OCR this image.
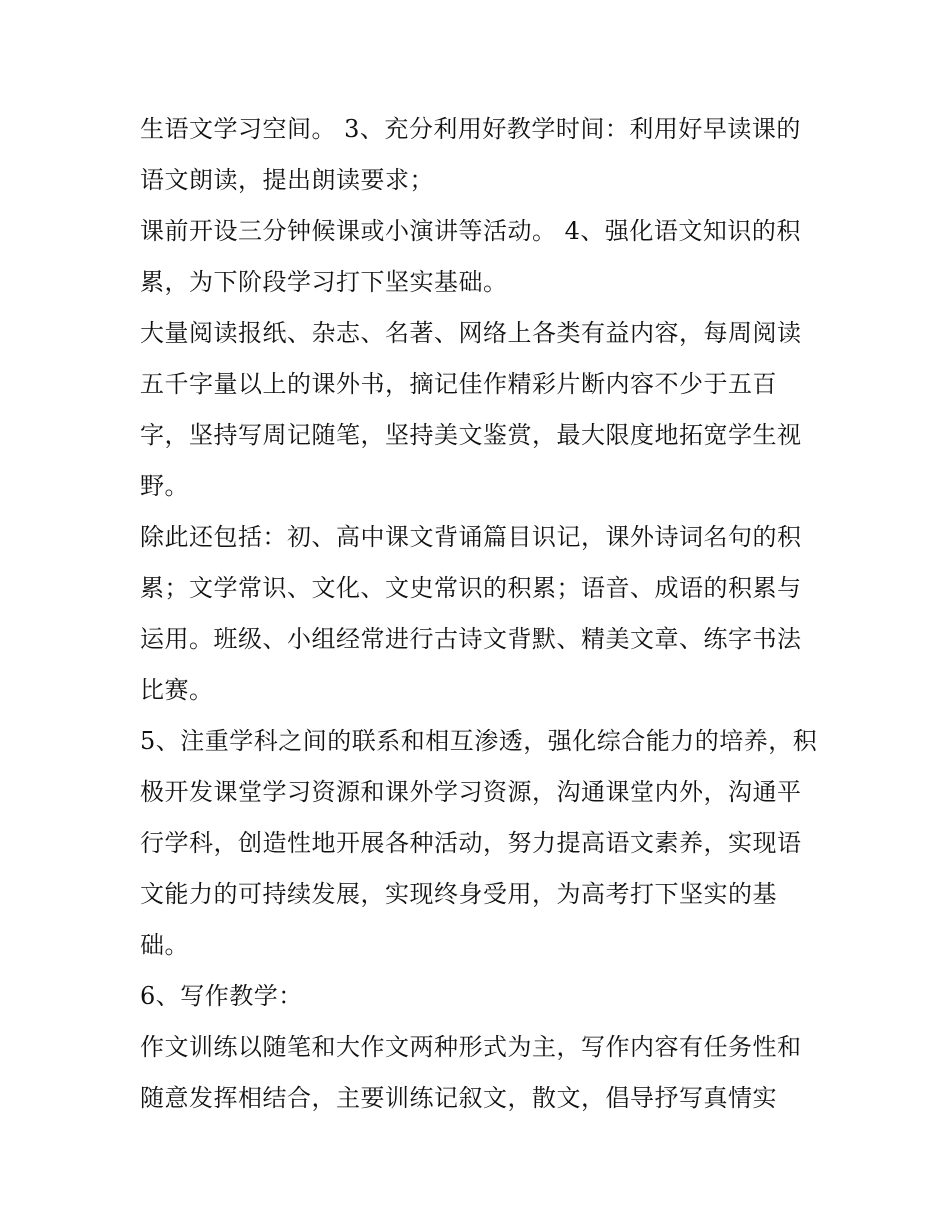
生语文学习空间。 3、充分利用好教学时间：利用好早读课的语文朗读，提出朗读要求；

课前开设三分钟候课或小演讲等活动。 4、强化语文知识的积累，为下阶段学习打下坚实基础。

大量阅读报纸、杂志、名著、网络上各类有益内容，每周阅读五千字量以上的课外书，摘记佳作精彩片断内容不少于五百字，坚持写周记随笔，坚持美文鉴赏，最大限度地拓宽学生视野。

除此还包括：初、高中课文背诵篇目识记，课外诗词名句的积累；文学常识、文化、文史常识的积累；语音、成语的积累与运用。班级、小组经常进行古诗文背默、精美文章、练字书法比赛。

5、注重学科之间的联系和相互渗透，强化综合能力的培养，积极开发课堂学习资源和课外学习资源，沟通课堂内外，沟通平行学科，创造性地开展各种活动，努力提高语文素养，实现语文能力的可持续发展，实现终身受用，为高考打下坚实的基础。

6、写作教学：

作文训练以随笔和大作文两种形式为主，写作内容有任务性和随意发挥相结合，主要训练记叙文，散文，倡导抒写真情实
